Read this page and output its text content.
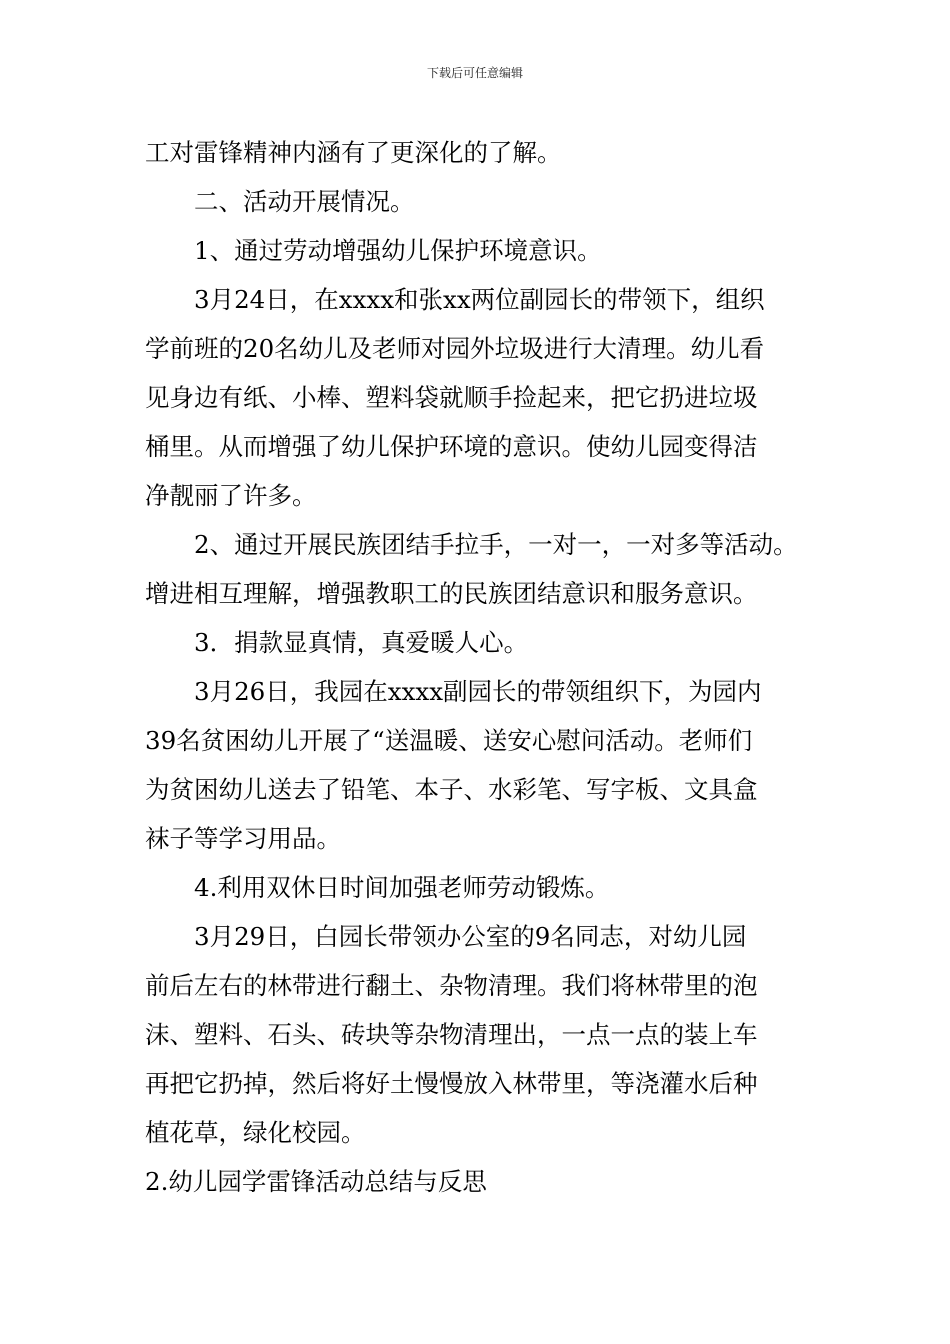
下载后可任意编辑

工对雷锋精神内涵有了更深化的了解。

二、活动开展情况。

1、通过劳动增强幼儿保护环境意识。

3月24日，在xxxx和张xx两位副园长的带领下，组织
学前班的20名幼儿及老师对园外垃圾进行大清理。幼儿看
见身边有纸、小棒、塑料袋就顺手捡起来，把它扔进垃圾
桶里。从而增强了幼儿保护环境的意识。使幼儿园变得洁
净靓丽了许多。

2、通过开展民族团结手拉手，一对一，一对多等活动。
增进相互理解，增强教职工的民族团结意识和服务意识。

3．捐款显真情，真爱暖人心。

3月26日，我园在xxxx副园长的带领组织下，为园内
39名贫困幼儿开展了“送温暖、送安心慰问活动。老师们
为贫困幼儿送去了铅笔、本子、水彩笔、写字板、文具盒
袜子等学习用品。

4.利用双休日时间加强老师劳动锻炼。

3月29日，白园长带领办公室的9名同志，对幼儿园
前后左右的林带进行翻土、杂物清理。我们将林带里的泡
沫、塑料、石头、砖块等杂物清理出，一点一点的装上车
再把它扔掉，然后将好土慢慢放入林带里，等浇灌水后种
植花草，绿化校园。

2.幼儿园学雷锋活动总结与反思
